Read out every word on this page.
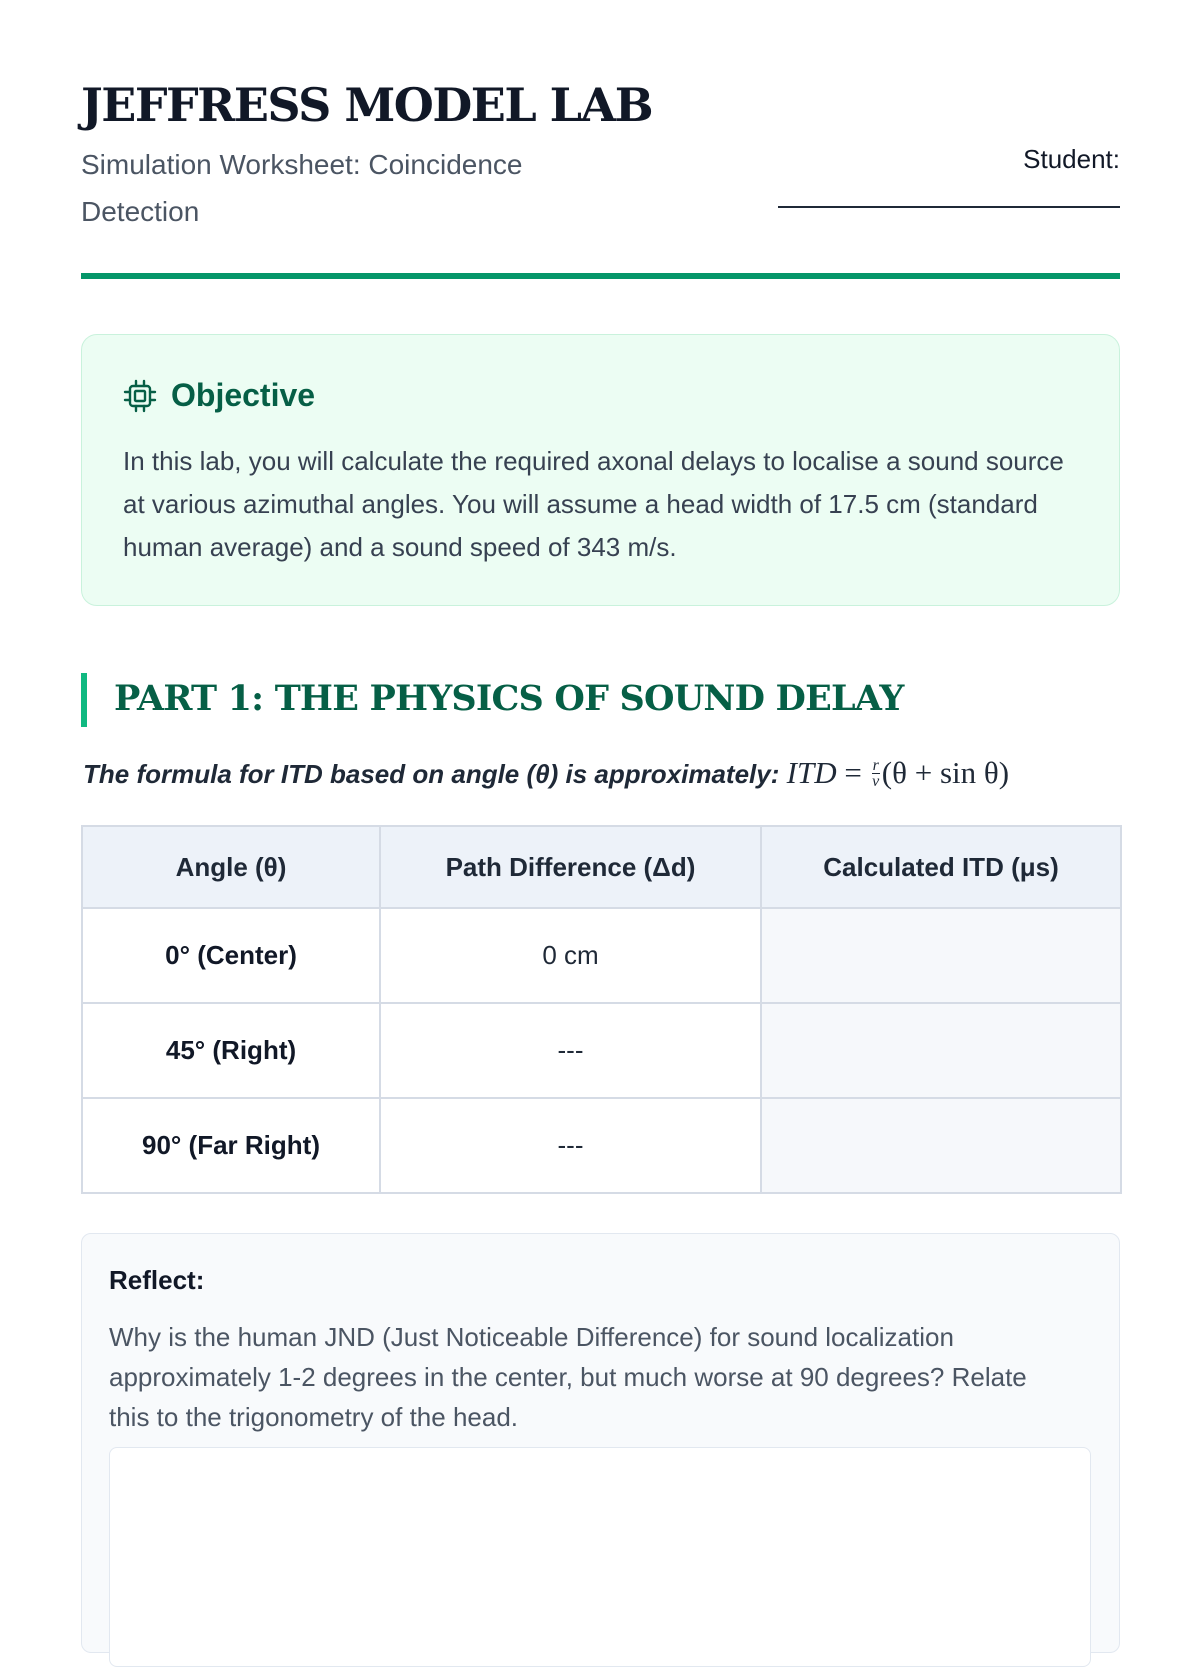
JEFFRESS MODEL LAB

Simulation Worksheet: Coincidence Detection

Student:
Objective

In this lab, you will calculate the required axonal delays to localise a sound source at various azimuthal angles. You will assume a head width of 17.5 cm (standard human average) and a sound speed of 343 m/s.

PART 1: THE PHYSICS OF SOUND DELAY
The formula for ITD based on angle (θ) is approximately: ITD = $\frac{r}{v} (\theta + \sin \theta)$
Angle (θ)	Path Difference (Δd)	Calculated ITD (μs)
0° (Center)	0 cm	
45° (Right)	---	
90° (Far Right)	---	
Reflect:

Why is the human JND (Just Noticeable Difference) for sound localization approximately 1-2 degrees in the center, but much worse at 90 degrees? Relate this to the trigonometry of the head.
